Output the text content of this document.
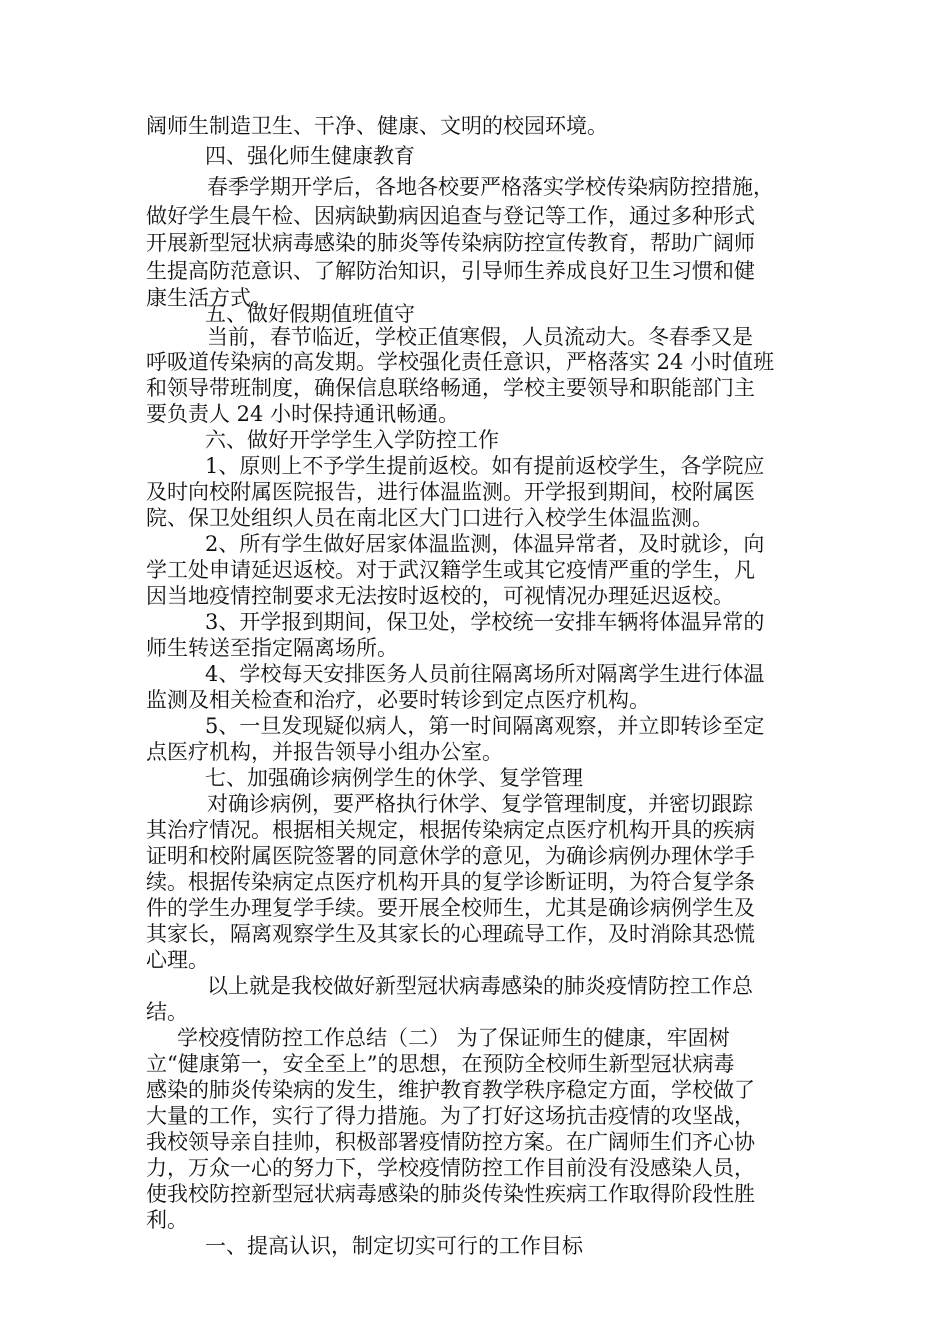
阔师生制造卫生、干净、健康、文明的校园环境。
四、强化师生健康教育
春季学期开学后，各地各校要严格落实学校传染病防控措施，
做好学生晨午检、因病缺勤病因追查与登记等工作，通过多种形式
开展新型冠状病毒感染的肺炎等传染病防控宣传教育，帮助广阔师
生提高防范意识、了解防治知识，引导师生养成良好卫生习惯和健
康生活方式。
五、做好假期值班值守
当前，春节临近，学校正值寒假，人员流动大。冬春季又是
呼吸道传染病的高发期。学校强化责任意识，严格落实 24 小时值班
和领导带班制度，确保信息联络畅通，学校主要领导和职能部门主
要负责人 24 小时保持通讯畅通。
六、做好开学学生入学防控工作
1、原则上不予学生提前返校。如有提前返校学生，各学院应
及时向校附属医院报告，进行体温监测。开学报到期间，校附属医
院、保卫处组织人员在南北区大门口进行入校学生体温监测。
2、所有学生做好居家体温监测，体温异常者，及时就诊，向
学工处申请延迟返校。对于武汉籍学生或其它疫情严重的学生，凡
因当地疫情控制要求无法按时返校的，可视情况办理延迟返校。
3、开学报到期间，保卫处，学校统一安排车辆将体温异常的
师生转送至指定隔离场所。
4、学校每天安排医务人员前往隔离场所对隔离学生进行体温
监测及相关检查和治疗，必要时转诊到定点医疗机构。
5、一旦发现疑似病人，第一时间隔离观察，并立即转诊至定
点医疗机构，并报告领导小组办公室。
七、加强确诊病例学生的休学、复学管理
对确诊病例，要严格执行休学、复学管理制度，并密切跟踪
其治疗情况。根据相关规定，根据传染病定点医疗机构开具的疾病
证明和校附属医院签署的同意休学的意见，为确诊病例办理休学手
续。根据传染病定点医疗机构开具的复学诊断证明，为符合复学条
件的学生办理复学手续。要开展全校师生，尤其是确诊病例学生及
其家长，隔离观察学生及其家长的心理疏导工作，及时消除其恐慌
心理。
以上就是我校做好新型冠状病毒感染的肺炎疫情防控工作总
结。
学校疫情防控工作总结（二） 为了保证师生的健康，牢固树
立“健康第一，安全至上”的思想，在预防全校师生新型冠状病毒
感染的肺炎传染病的发生，维护教育教学秩序稳定方面，学校做了
大量的工作，实行了得力措施。为了打好这场抗击疫情的攻坚战，
我校领导亲自挂帅，积极部署疫情防控方案。在广阔师生们齐心协
力，万众一心的努力下，学校疫情防控工作目前没有没感染人员，
使我校防控新型冠状病毒感染的肺炎传染性疾病工作取得阶段性胜
利。
一、提高认识，制定切实可行的工作目标
